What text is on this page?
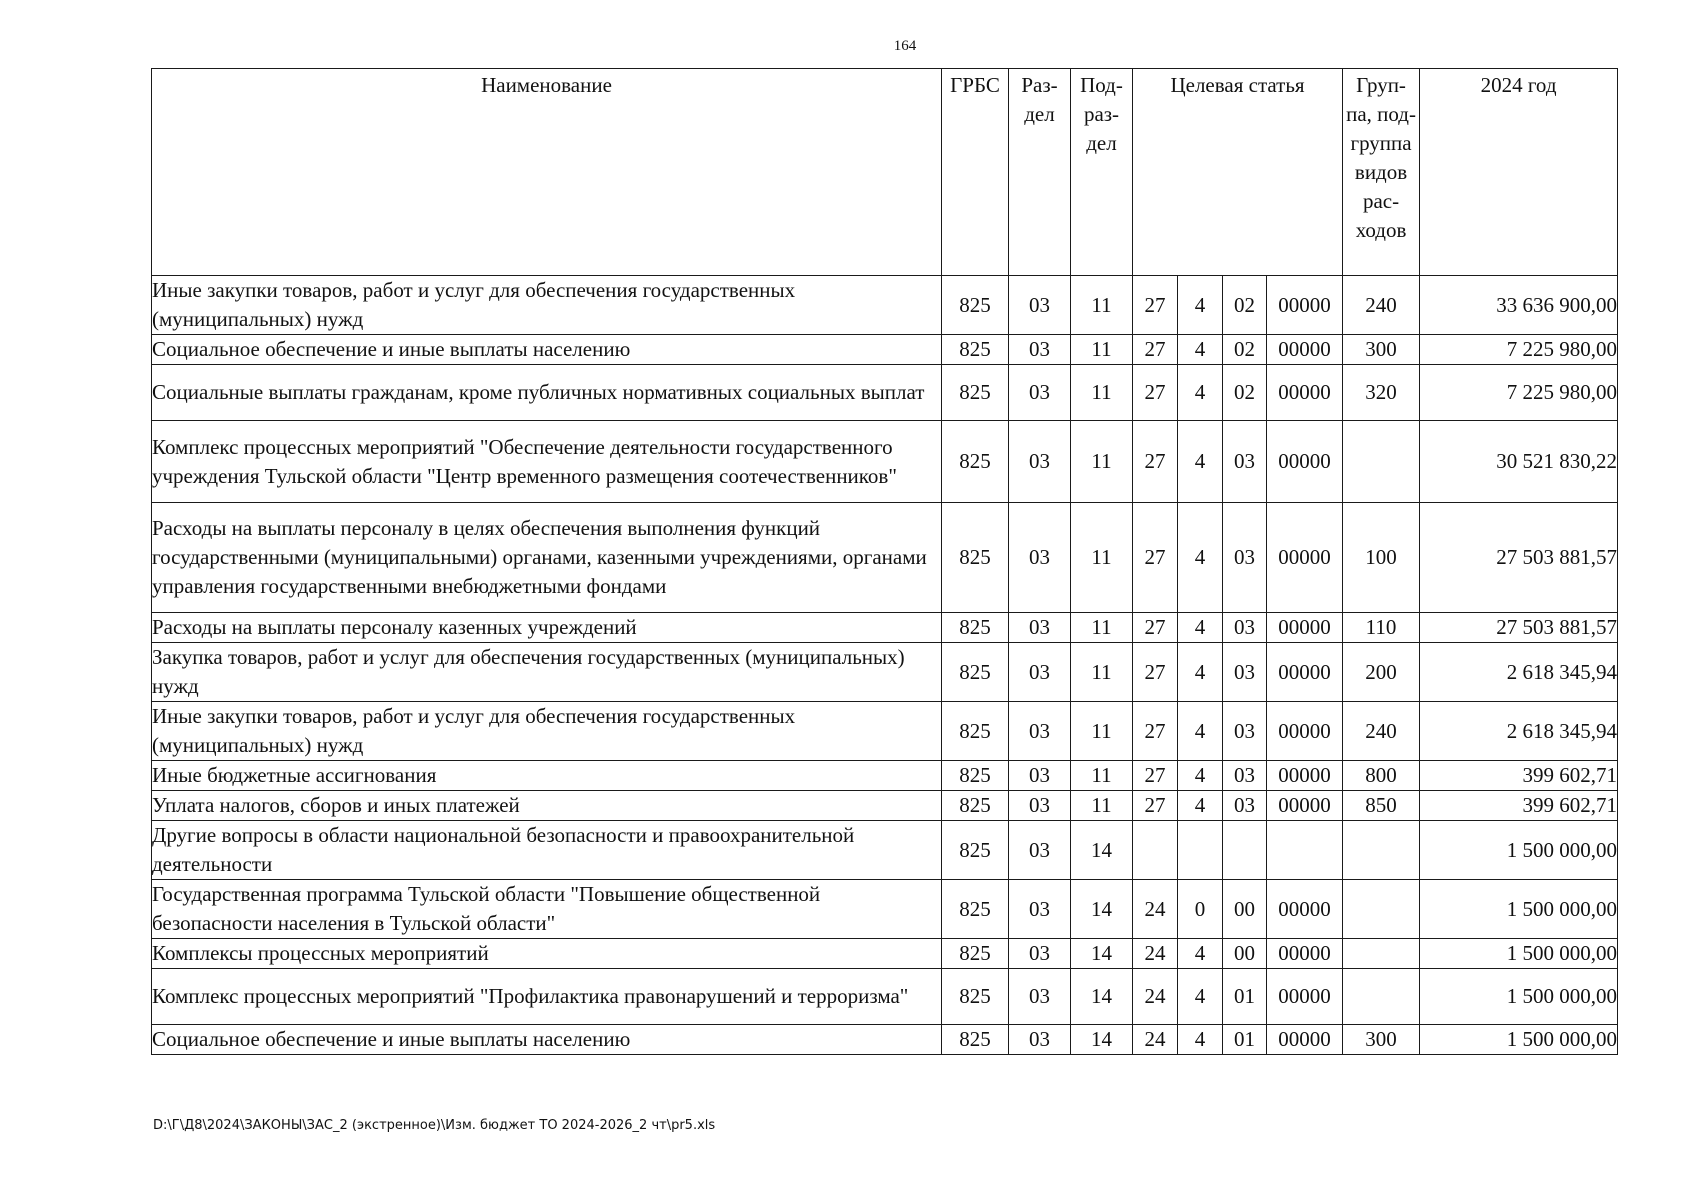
164
Наименование	ГРБС	Раз-дел	Под-раз-дел	Целевая статья				Груп-па, под-группа видов рас-ходов	2024 год
Иные закупки товаров, работ и услуг для обеспечения государственных (муниципальных) нужд	825	03	11	27	4	02	00000	240	33 636 900,00
Социальное обеспечение и иные выплаты населению	825	03	11	27	4	02	00000	300	7 225 980,00
Социальные выплаты гражданам, кроме публичных нормативных социальных выплат	825	03	11	27	4	02	00000	320	7 225 980,00
Комплекс процессных мероприятий "Обеспечение деятельности государственного учреждения Тульской области "Центр временного размещения соотечественников"	825	03	11	27	4	03	00000		30 521 830,22
Расходы на выплаты персоналу в целях обеспечения выполнения функций государственными (муниципальными) органами, казенными учреждениями, органами управления государственными внебюджетными фондами	825	03	11	27	4	03	00000	100	27 503 881,57
Расходы на выплаты персоналу казенных учреждений	825	03	11	27	4	03	00000	110	27 503 881,57
Закупка товаров, работ и услуг для обеспечения государственных (муниципальных) нужд	825	03	11	27	4	03	00000	200	2 618 345,94
Иные закупки товаров, работ и услуг для обеспечения государственных (муниципальных) нужд	825	03	11	27	4	03	00000	240	2 618 345,94
Иные бюджетные ассигнования	825	03	11	27	4	03	00000	800	399 602,71
Уплата налогов, сборов и иных платежей	825	03	11	27	4	03	00000	850	399 602,71
Другие вопросы в области национальной безопасности и правоохранительной деятельности	825	03	14						1 500 000,00
Государственная программа Тульской области "Повышение общественной безопасности населения в Тульской области"	825	03	14	24	0	00	00000		1 500 000,00
Комплексы процессных мероприятий	825	03	14	24	4	00	00000		1 500 000,00
Комплекс процессных мероприятий "Профилактика правонарушений и терроризма"	825	03	14	24	4	01	00000		1 500 000,00
Социальное обеспечение и иные выплаты населению	825	03	14	24	4	01	00000	300	1 500 000,00
D:\Г\Д8\2024\ЗАКОНЫ\ЗАС_2 (экстренное)\Изм. бюджет ТО 2024-2026_2 чт\pr5.xls
